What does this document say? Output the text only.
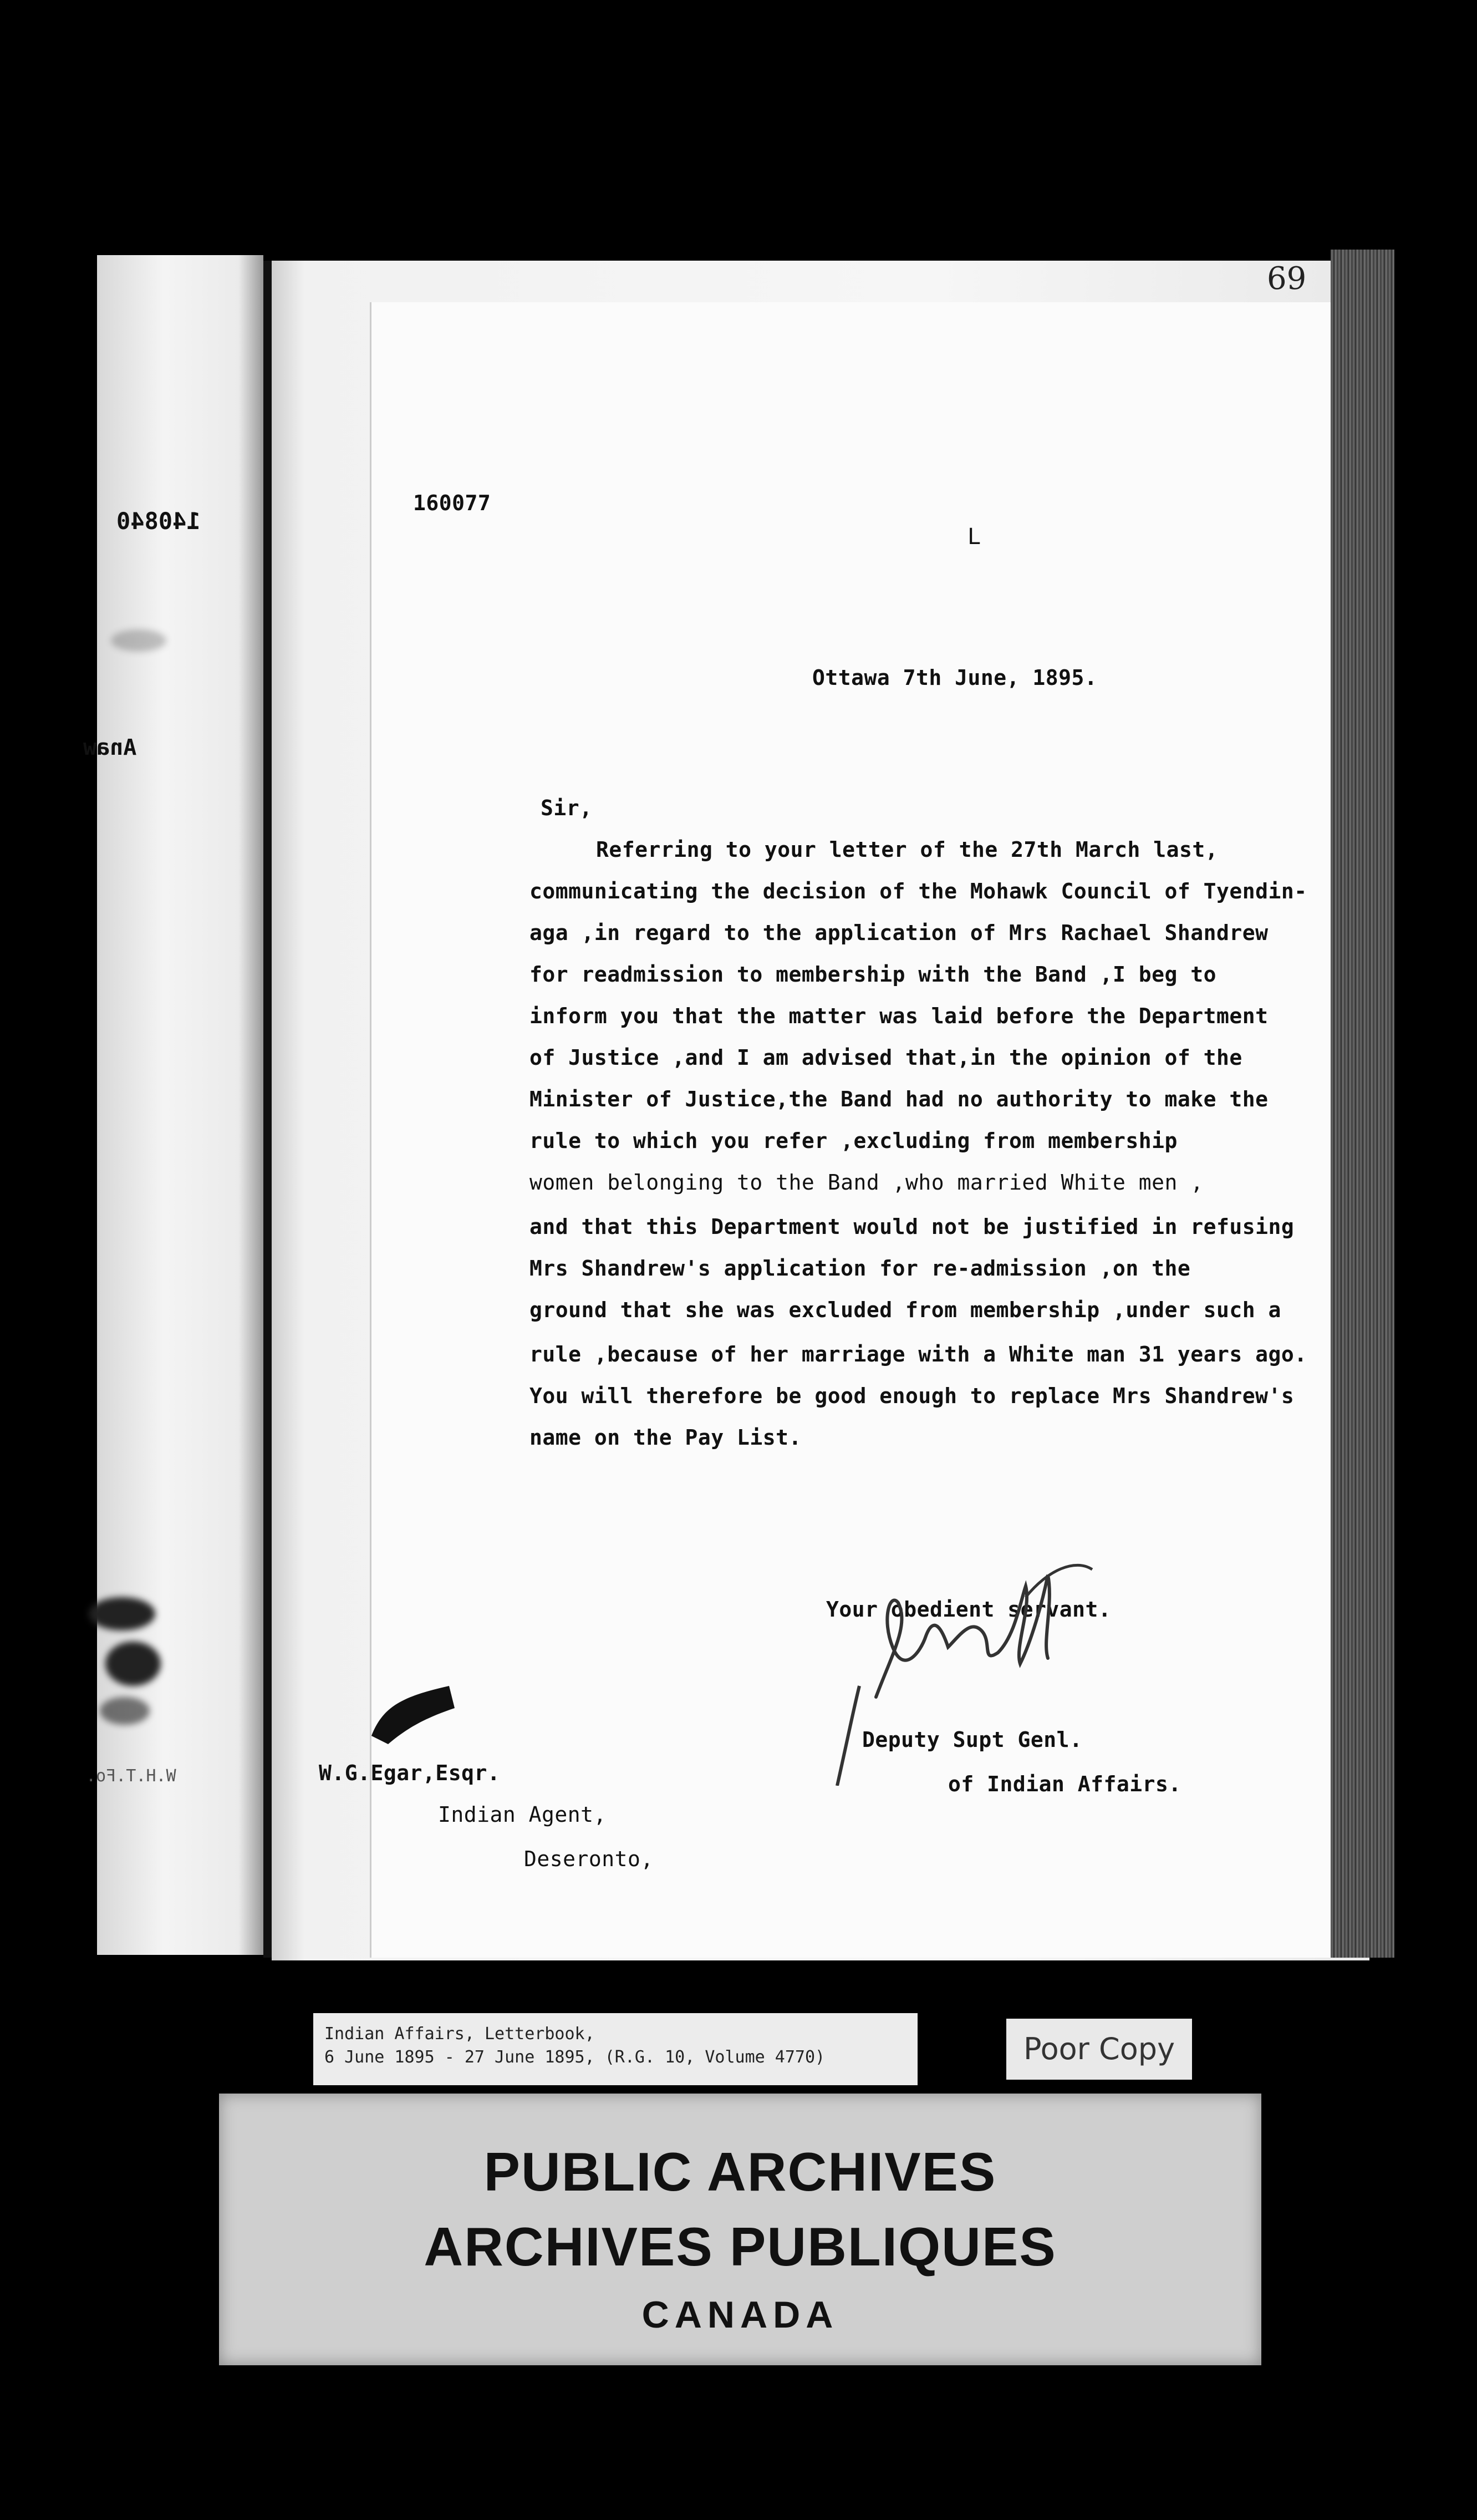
140840
Anaw
W.H.T.Fo.
69
160077
L
Ottawa 7th June, 1895.
Sir,
Referring to your letter of the 27th March last,
communicating the decision of the Mohawk Council of Tyendin-
aga ,in regard to the application of Mrs Rachael Shandrew
for readmission to membership with the Band ,I beg to
inform you that the matter was laid before the Department
of Justice ,and I am advised that,in the opinion of the
Minister of Justice,the Band had no authority to make the
rule to which you refer ,excluding from membership
women belonging to the Band ,who married White men ,
and that this Department would not be justified in refusing
Mrs Shandrew's application for re-admission ,on the
ground that she was excluded from membership ,under such a
rule ,because of her marriage with a White man 31 years ago.
You will therefore be good enough to replace Mrs Shandrew's
name on the Pay List.
Your obedient servant.
Deputy Supt Genl.
of Indian Affairs.
W.G.Egar,Esqr.
Indian Agent,
Deseronto,
Indian Affairs, Letterbook,
6 June 1895 - 27 June 1895, (R.G. 10, Volume 4770)	Poor Copy
PUBLIC ARCHIVES
ARCHIVES PUBLIQUES
CANADA
